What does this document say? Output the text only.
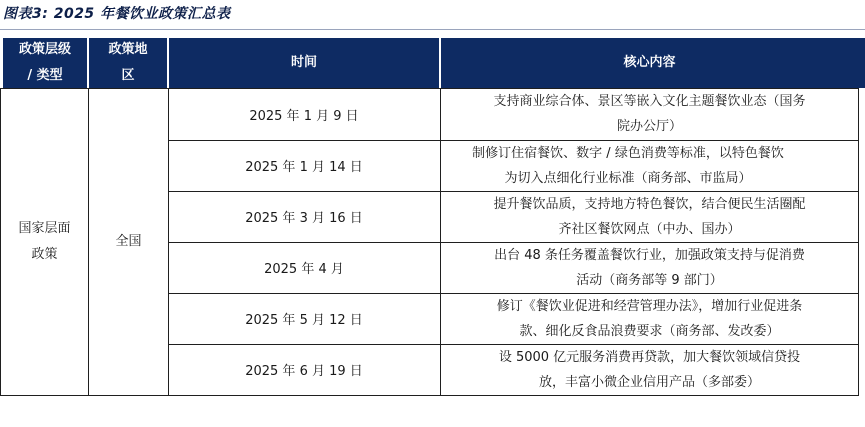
图表3: 2025 年餐饮业政策汇总表
政策层级
/ 类型
政策地
区
时间	核心内容
国家层面
政策
全国
2025 年 1 月 9 日
支持商业综合体、景区等嵌入文化主题餐饮业态（国务
院办公厅）
2025 年 1 月 14 日
制修订住宿餐饮、数字 / 绿色消费等标准，以特色餐饮
为切入点细化行业标准（商务部、市监局）
2025 年 3 月 16 日
提升餐饮品质，支持地方特色餐饮，结合便民生活圈配
齐社区餐饮网点（中办、国办）
2025 年 4 月
出台 48 条任务覆盖餐饮行业，加强政策支持与促消费
活动（商务部等 9 部门）
2025 年 5 月 12 日
修订《餐饮业促进和经营管理办法》，增加行业促进条
款、细化反食品浪费要求（商务部、发改委）
2025 年 6 月 19 日
设 5000 亿元服务消费再贷款，加大餐饮领域信贷投
放，丰富小微企业信用产品（多部委）
